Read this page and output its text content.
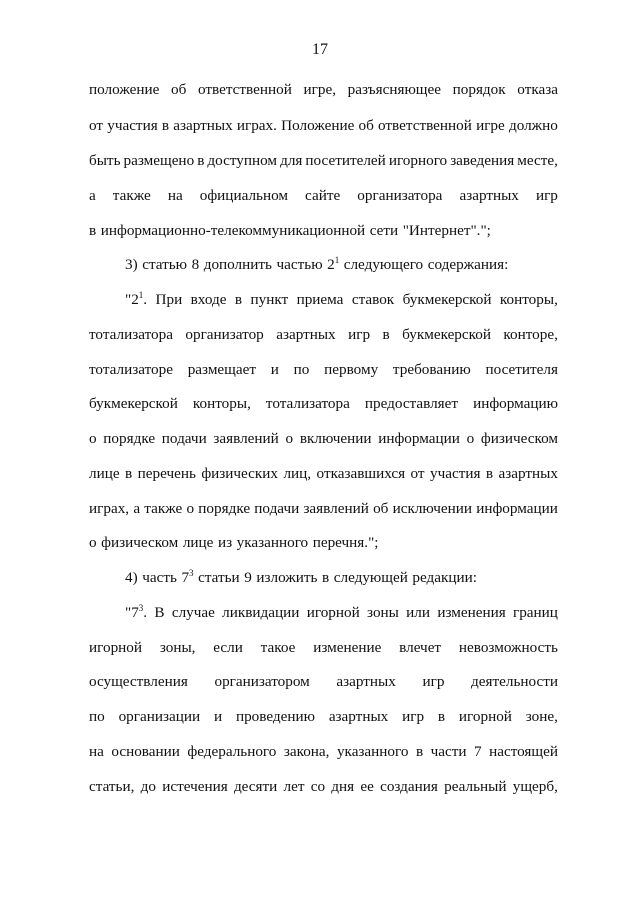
17
положение об ответственной игре, разъясняющее порядок отказа
от участия в азартных играх. Положение об ответственной игре должно
быть размещено в доступном для посетителей игорного заведения месте,
а также на официальном сайте организатора азартных игр
в информационно-телекоммуникационной сети "Интернет".";
3) статью 8 дополнить частью $2^1$ следующего содержания:
"$2^1$. При входе в пункт приема ставок букмекерской конторы,
тотализатора организатор азартных игр в букмекерской конторе,
тотализаторе размещает и по первому требованию посетителя
букмекерской конторы, тотализатора предоставляет информацию
о порядке подачи заявлений о включении информации о физическом
лице в перечень физических лиц, отказавшихся от участия в азартных
играх, а также о порядке подачи заявлений об исключении информации
о физическом лице из указанного перечня.";
4) часть $7^3$ статьи 9 изложить в следующей редакции:
"$7^3$. В случае ликвидации игорной зоны или изменения границ
игорной зоны, если такое изменение влечет невозможность
осуществления организатором азартных игр деятельности
по организации и проведению азартных игр в игорной зоне,
на основании федерального закона, указанного в части 7 настоящей
статьи, до истечения десяти лет со дня ее создания реальный ущерб,
